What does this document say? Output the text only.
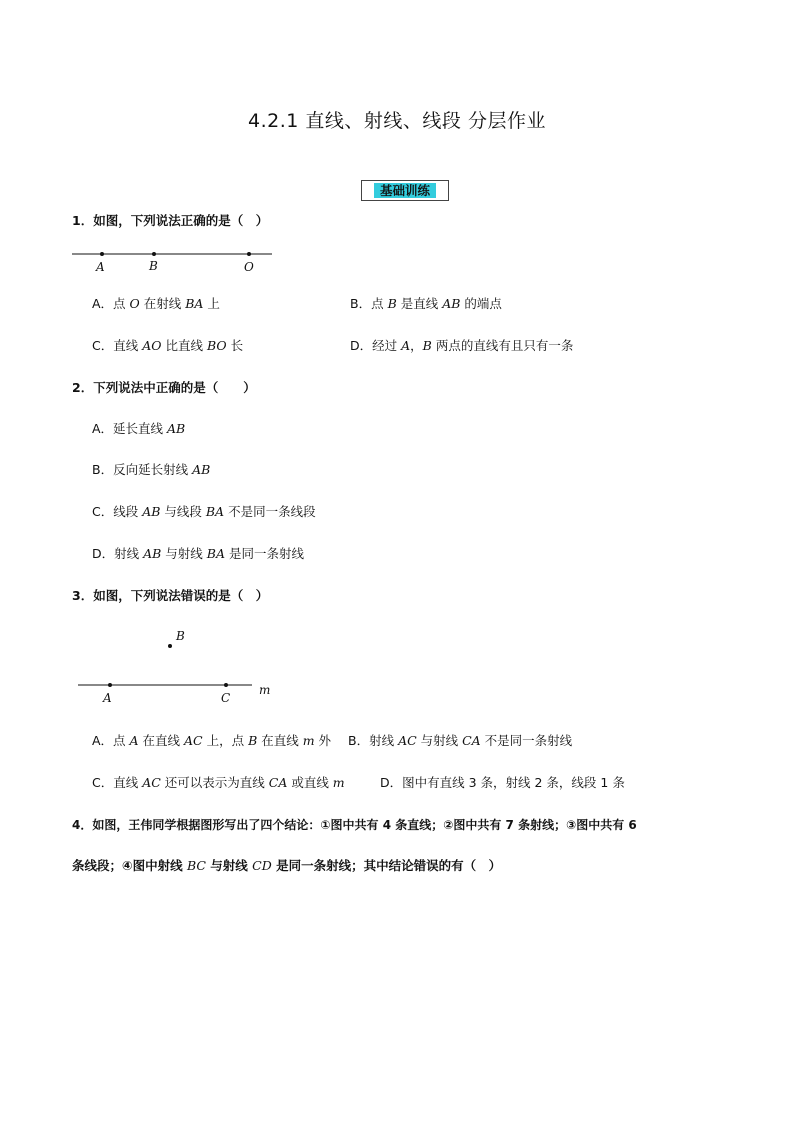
4.2.1 直线、射线、线段 分层作业
基础训练
1．如图，下列说法正确的是（　）
A	B	O
A．点 O 在射线 BA 上	B．点 B 是直线 AB 的端点
C．直线 AO 比直线 BO 长	D．经过 A，B 两点的直线有且只有一条
2．下列说法中正确的是（　　）
A．延长直线 AB
B．反向延长射线 AB
C．线段 AB 与线段 BA 不是同一条线段
D．射线 AB 与射线 BA 是同一条射线
3．如图，下列说法错误的是（　）
B
A	C
m
A．点 A 在直线 AC 上，点 B 在直线 m 外 B．射线 AC 与射线 CA 不是同一条射线
C．直线 AC 还可以表示为直线 CA 或直线 m	D．图中有直线 3 条，射线 2 条，线段 1 条
4．如图，王伟同学根据图形写出了四个结论：①图中共有 4 条直线；②图中共有 7 条射线；③图中共有 6
条线段；④图中射线 BC 与射线 CD 是同一条射线；其中结论错误的有（　）
